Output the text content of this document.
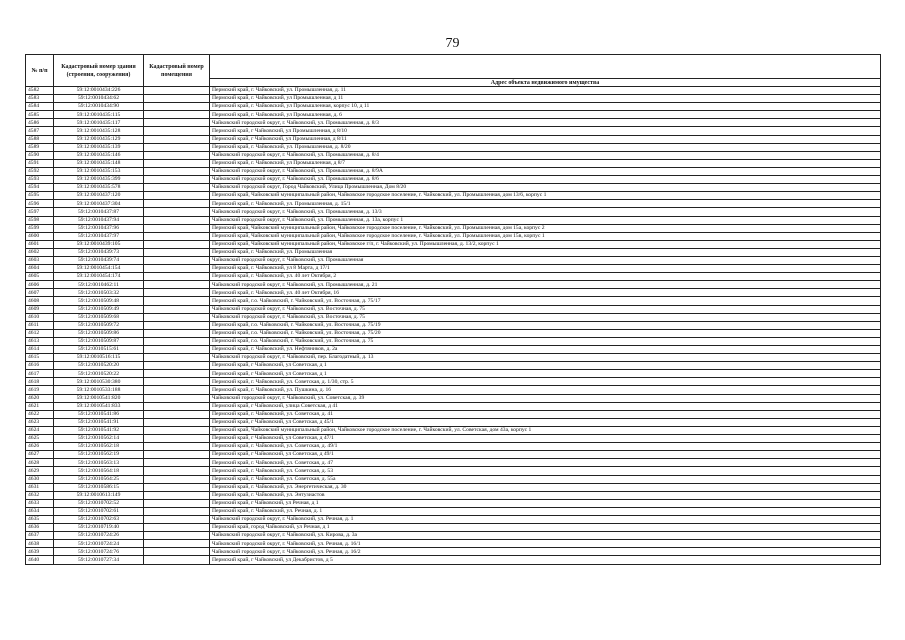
79
№ п/п	Кадастровый номер здания (строения, сооружения)	Кадастровый номер помещения	
			Адрес объекта недвижимого имущества
4582	59:12:0010434:226		Пермский край, г. Чайковский, ул. Промышленная, д. 11
4583	59:12:0010434:62		Пермский край, г. Чайковский, ул Промышленная, д 11
4584	59:12:0010434:90		Пермский край, г. Чайковский, ул Промышленная, корпус 10, д 11
4585	59:12:0010435:115		Пермский край, г. Чайковский, ул Промышленная, д. 6
4586	59:12:0010435:117		Чайковский городской округ, г. Чайковский, ул. Промышленная, д. 8/3
4587	59:12:0010435:128		Пермский край, г Чайковский, ул Промышленная, д 8/10
4588	59:12:0010435:129		Пермский край, г Чайковский, ул Промышленная, д 8/11
4589	59:12:0010435:139		Пермский край, г. Чайковский, ул. Промышленная, д. 8/20
4590	59:12:0010435:146		Чайковский городской округ, г. Чайковский, ул. Промышленная, д. 8/4
4591	59:12:0010435:148		Пермский край, г. Чайковский, ул Промышленная, д 8/7
4592	59:12:0010435:153		Чайковский городской округ, г. Чайковский, ул. Промышленная, д. 8/9А
4593	59:12:0010435:399		Чайковский городской округ, г. Чайковский, ул. Промышленная, д. 8/6
4594	59:12:0010435:578		Чайковский городской округ, Город Чайковский, Улица Промышленная, Дом 8/20
4595	59:12:0010437:120		Пермский край, Чайковский муниципальный район, Чайковское городское поселение, г. Чайковский, ул. Промышленная, дом 13/6, корпус 1
4596	59:12:0010437:304		Пермский край, г. Чайковский, ул. Промышленная, д. 15/1
4597	59:12:0010437:87		Чайковский городской округ, г. Чайковский, ул. Промышленная, д. 13/3
4598	59:12:0010437:94		Чайковский городской округ, г. Чайковский, ул. Промышленная, д. 13а, корпус 1
4599	59:12:0010437:96		Пермский край, Чайковский муниципальный район, Чайковское городское поселение, г. Чайковский, ул. Промышленная, дом 15а, корпус 2
4600	59:12:0010437:97		Пермский край, Чайковский муниципальный район, Чайковское городское поселение, г. Чайковский, ул. Промышленная, дом 15в, корпус 1
4601	59:12:0010439:105		Пермский край, Чайковский муниципальный район, Чайковское г/п, г. Чайковский, ул. Промышленная, д. 13/2, корпус 1
4602	59:12:0010439:73		Пермский край, г. Чайковский, ул. Промышленная
4603	59:12:0010439:74		Чайковский городской округ, г. Чайковский, ул. Промышленная
4604	59:12:0010454:154		Пермский край, г. Чайковский, ул 8 Марта, д 17/1
4605	59:12:0010454:174		Пермский край, г. Чайковский, ул. 40 лет Октября, 2
4606	59:12:0010462:11		Чайковский городской округ, г. Чайковский, ул. Промышленная, д. 21
4607	59:12:0010503:32		Пермский край, г. Чайковский, ул. 40 лет Октября, 16
4608	59:12:0010509:48		Пермский край, г.о. Чайковский, г. Чайковский, ул. Восточная, д. 75/17
4609	59:12:0010509:49		Чайковский городской округ, г. Чайковский, ул. Восточная, д. 75
4610	59:12:0010509:68		Чайковский городской округ, г. Чайковский, ул. Восточная, д. 75
4611	59:12:0010509:72		Пермский край, г.о. Чайковский, г. Чайковский, ул. Восточная, д. 75/19
4612	59:12:0010509:86		Пермский край, г.о. Чайковский, г. Чайковский, ул. Восточная, д. 75/20
4613	59:12:0010509:87		Пермский край, г.о. Чайковский, г. Чайковский, ул. Восточная, д. 75
4614	59:12:0010515:61		Пермский край, г. Чайковский, ул. Нефтяников, д. 2а
4615	59:12:0010516:115		Чайковский городской округ, г. Чайковский, пер. Благодатный, д. 13
4616	59:12:0010520:20		Пермский край, г Чайковский, ул Советская, д 1
4617	59:12:0010520:22		Пермский край, г Чайковский, ул Советская, д 1
4618	59:12:0010530:380		Пермский край, г. Чайковский, ул. Советская, д. 1/30, стр. 5
4619	59:12:0010533:188		Пермский край, г. Чайковский, ул. Пушкина, д. 16
4620	59:12:0010541:820		Чайковский городской округ, г. Чайковский, ул. Советская, д. 39
4621	59:12:0010541:833		Пермский край, г Чайковский, улица Советская, д 41
4622	59:12:0010541:86		Пермский край, г. Чайковский, ул. Советская, д. 41
4623	59:12:0010541:91		Пермский край, г Чайковский, ул Советская, д 45/1
4624	59:12:0010541:92		Пермский край, Чайковский муниципальный район, Чайковское городское поселение, г. Чайковский, ул. Советская, дом 43а, корпус 1
4625	59:12:0010562:14		Пермский край, г Чайковский, ул Советская, д 47/1
4626	59:12:0010562:18		Пермский край, г. Чайковский, ул. Советская, д. 49/1
4627	59:12:0010562:19		Пермский край, г Чайковский, ул Советская, д 49/1
4628	59:12:0010563:13		Пермский край, г. Чайковский, ул. Советская, д. 47
4629	59:12:0010564:18		Пермский край, г. Чайковский, ул. Советская, д. 53
4630	59:12:0010564:25		Пермский край, г. Чайковский, ул. Советская, д. 55а
4631	59:12:0010586:15		Пермский край, г. Чайковский, ул. Энергетическая, д. 30
4632	59:12:0010613:149		Пермский край, г. Чайковский, ул. Энтузиастов
4633	59:12:0010702:52		Пермский край, г Чайковский, ул Речная, д 1
4634	59:12:0010702:61		Пермский край, г. Чайковский, ул. Речная, д. 1
4635	59:12:0010702:63		Чайковский городской округ, г. Чайковский, ул. Речная, д. 1
4636	59:12:0010719:40		Пермский край, город Чайковский, ул Речная, д 1
4637	59:12:0010724:26		Чайковский городской округ, г. Чайковский, ул. Кирова, д. 3а
4638	59:12:0010724:24		Чайковский городской округ, г. Чайковский, ул. Речная, д. 16/1
4639	59:12:0010724:76		Чайковский городской округ, г. Чайковский, ул. Речная, д. 16/2
4640	59:12:0010727:34		Пермский край, г Чайковский, ул Декабристов, д 5
